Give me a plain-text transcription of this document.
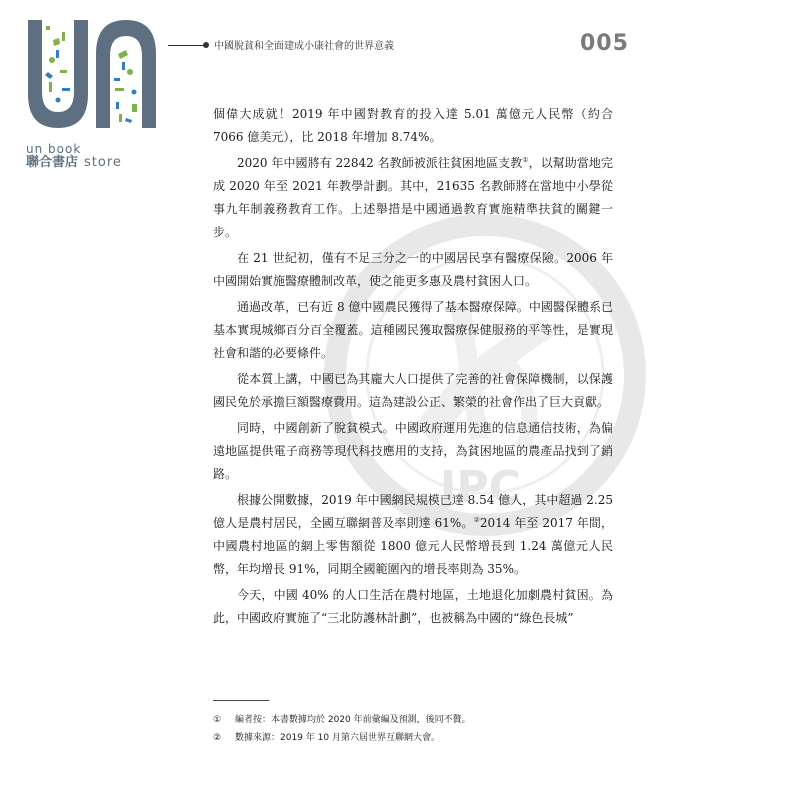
un book
聯合書店 store
中國脫貧和全面建成小康社會的世界意義	005
JPC

個偉大成就！2019 年中國對教育的投入達 5.01 萬億元人民幣（約合 7066 億美元），比 2018 年增加 8.74%。

2020 年中國將有 22842 名教師被派往貧困地區支教①，以幫助當地完成 2020 年至 2021 年教學計劃。其中，21635 名教師將在當地中小學從事九年制義務教育工作。上述舉措是中國通過教育實施精準扶貧的關鍵一步。

在 21 世紀初，僅有不足三分之一的中國居民享有醫療保險。2006 年中國開始實施醫療體制改革，使之能更多惠及農村貧困人口。

通過改革，已有近 8 億中國農民獲得了基本醫療保障。中國醫保體系已基本實現城鄉百分百全覆蓋。這種國民獲取醫療保健服務的平等性，是實現社會和諧的必要條件。

從本質上講，中國已為其龐大人口提供了完善的社會保障機制，以保護國民免於承擔巨額醫療費用。這為建設公正、繁榮的社會作出了巨大貢獻。

同時，中國創新了脫貧模式。中國政府運用先進的信息通信技術，為偏遠地區提供電子商務等現代科技應用的支持，為貧困地區的農產品找到了銷路。

根據公開數據，2019 年中國網民規模已達 8.54 億人，其中超過 2.25 億人是農村居民，全國互聯網普及率則達 61%。②2014 年至 2017 年間，中國農村地區的網上零售額從 1800 億元人民幣增長到 1.24 萬億元人民幣，年均增長 91%，同期全國範圍內的增長率則為 35%。

今天，中國 40% 的人口生活在農村地區，土地退化加劇農村貧困。為此，中國政府實施了“三北防護林計劃”，也被稱為中國的“綠色長城”

①	編者按：本書數據均於 2020 年前彙編及預測，後同不贅。
②	數據來源：2019 年 10 月第六屆世界互聯網大會。
